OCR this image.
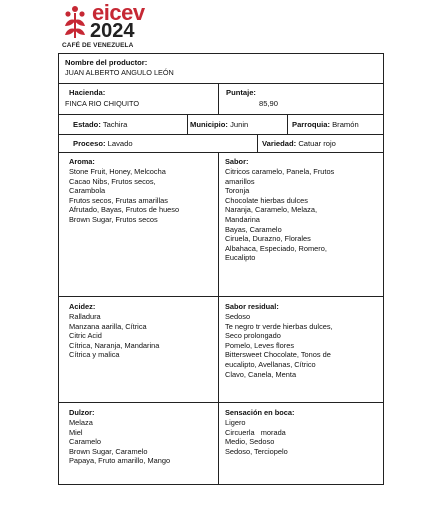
eicev
2024
CAFÉ DE VENEZUELA
Nombre del productor:
JUAN ALBERTO ANGULO LEÓN
Hacienda:
FINCA RIO CHIQUITO
Puntaje:
85,90
Estado: Tachira	Municipio: Junin	Parroquia: Bramón
Proceso: Lavado	Variedad: Catuar rojo
Aroma:
Stone Fruit, Honey, Melcocha
Cacao Nibs, Frutos secos,
Carambola
Frutos secos, Frutas amarillas
Afrutado, Bayas, Frutos de hueso
Brown Sugar, Frutos secos
Sabor:
Citricos caramelo, Panela, Frutos
amarillos
Toronja
Chocolate hierbas dulces
Naranja, Caramelo, Melaza,
Mandarina
Bayas, Caramelo
Ciruela, Durazno, Florales
Albahaca, Especiado, Romero,
Eucalipto
Acidez:
Ralladura
Manzana aarilla, Cítrica
Citric Acid
Cítrica, Naranja, Mandarina
Cítrica y malica
Sabor residual:
Sedoso
Te negro tr verde hierbas dulces,
Seco prolongado
Pomelo, Leves flores
Bittersweet Chocolate, Tonos de
eucalipto, Avellanas, Cítrico
Clavo, Canela, Menta
Dulzor:
Melaza
Miel
Caramelo
Brown Sugar, Caramelo
Papaya, Fruto amarillo, Mango
Sensación en boca:
Ligero
Circuerla   morada
Medio, Sedoso
Sedoso, Terciopelo
